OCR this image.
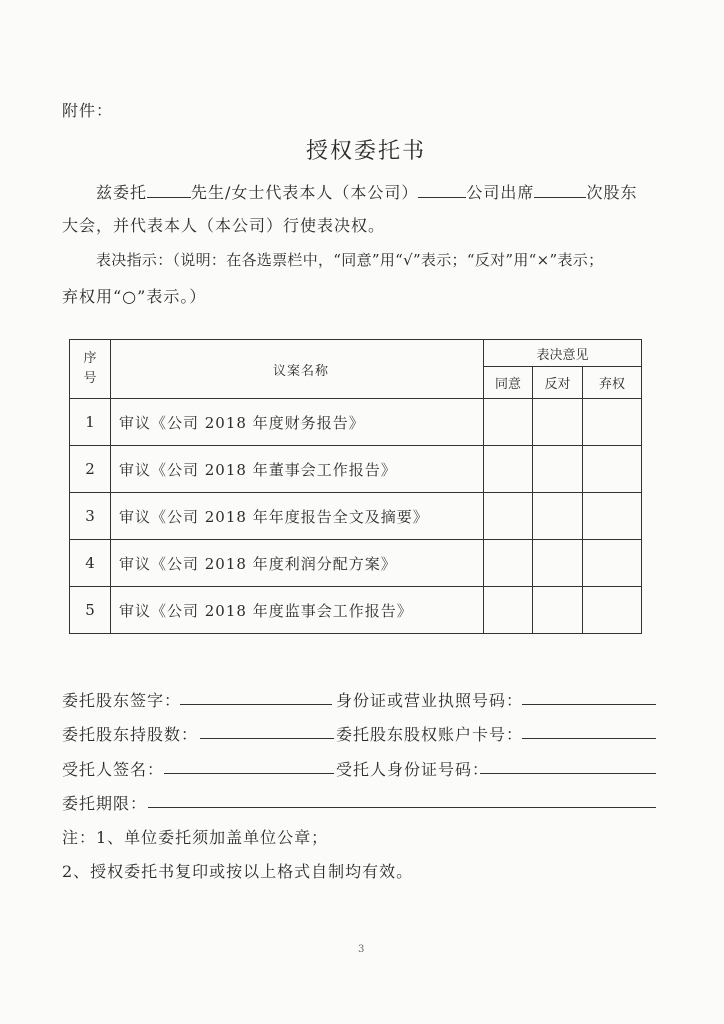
附件：
授权委托书
兹委托	先生/女士代表本人（本公司）	公司出席	次股东
大会，并代表本人（本公司）行使表决权。
表决指示：（说明：在各选票栏中，“同意”用“√”表示；“反对”用“×”表示；
弃权用“○”表示。）
序号	议案名称	表决意见		
		同意	反对	弃权
1	审议《公司 2018 年度财务报告》			
2	审议《公司 2018 年董事会工作报告》			
3	审议《公司 2018 年年度报告全文及摘要》			
4	审议《公司 2018 年度利润分配方案》			
5	审议《公司 2018 年度监事会工作报告》			
委托股东签字：	身份证或营业执照号码：
委托股东持股数：	委托股东股权账户卡号：
受托人签名：	受托人身份证号码：
委托期限：
注：1、单位委托须加盖单位公章；
2、授权委托书复印或按以上格式自制均有效。
3
